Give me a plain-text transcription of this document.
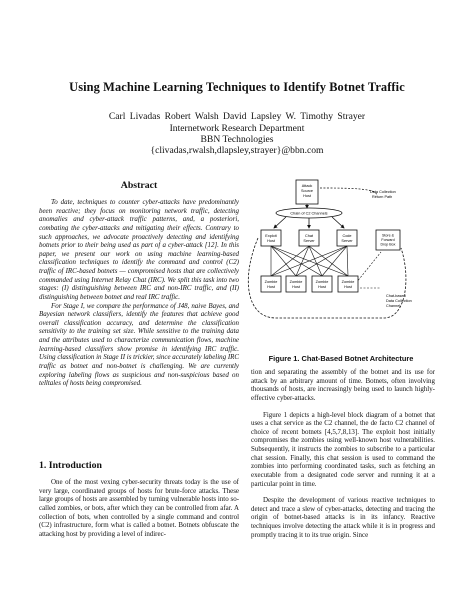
Using Machine Learning Techniques to Identify Botnet Traffic
Carl Livadas Robert Walsh David Lapsley W. Timothy Strayer
Internetwork Research Department
BBN Technologies
{clivadas,rwalsh,dlapsley,strayer}@bbn.com
Abstract

To date, techniques to counter cyber-attacks have predominantly been reactive; they focus on monitoring network traffic, detecting anomalies and cyber-attack traffic patterns, and, a posteriori, combating the cyber-attacks and mitigating their effects. Contrary to such approaches, we advocate proactively detecting and identifying botnets prior to their being used as part of a cyber-attack [12]. In this paper, we present our work on using machine learning-based classification techniques to identify the command and control (C2) traffic of IRC-based botnets — compromised hosts that are collectively commanded using Internet Relay Chat (IRC). We split this task into two stages: (I) distinguishing between IRC and non-IRC traffic, and (II) distinguishing between botnet and real IRC traffic.

For Stage I, we compare the performance of J48, naive Bayes, and Bayesian network classifiers, identify the features that achieve good overall classification accuracy, and determine the classification sensitivity to the training set size. While sensitive to the training data and the attributes used to characterize communication flows, machine learning-based classifiers show promise in identifying IRC traffic. Using classification in Stage II is trickier, since accurately labeling IRC traffic as botnet and non-botnet is challenging. We are currently exploring labeling flows as suspicious and non-suspicious based on telltales of hosts being compromised.

1. Introduction

One of the most vexing cyber-security threats today is the use of very large, coordinated groups of hosts for brute-force attacks. These large groups of hosts are assembled by turning vulnerable hosts into so-called zombies, or bots, after which they can be controlled from afar. A collection of bots, when controlled by a single command and control (C2) infrastructure, form what is called a botnet. Botnets obfuscate the attacking host by providing a level of indirec-

Attack
Source
Host
Data Collection
Return Path
Chain of C2 Channels
Exploit
Host
Chat
Server
Code
Server
Store &
Forward
Drop Box
Zombie
Host
Zombie
Host
Zombie
Host
Zombie
Host
Chat-based
Data Collection
Channel
Figure 1. Chat-Based Botnet Architecture

tion and separating the assembly of the botnet and its use for attack by an arbitrary amount of time. Botnets, often involving thousands of hosts, are increasingly being used to launch highly-effective cyber-attacks.

Figure 1 depicts a high-level block diagram of a botnet that uses a chat service as the C2 channel, the de facto C2 channel of choice of recent botnets [4,5,7,8,13]. The exploit host initially compromises the zombies using well-known host vulnerabilities. Subsequently, it instructs the zombies to subscribe to a particular chat session. Finally, this chat session is used to command the zombies into performing coordinated tasks, such as fetching an executable from a designated code server and running it at a particular point in time.

Despite the development of various reactive techniques to detect and trace a slew of cyber-attacks, detecting and tracing the origin of botnet-based attacks is in its infancy. Reactive techniques involve detecting the attack while it is in progress and promptly tracing it to its true origin. Since
